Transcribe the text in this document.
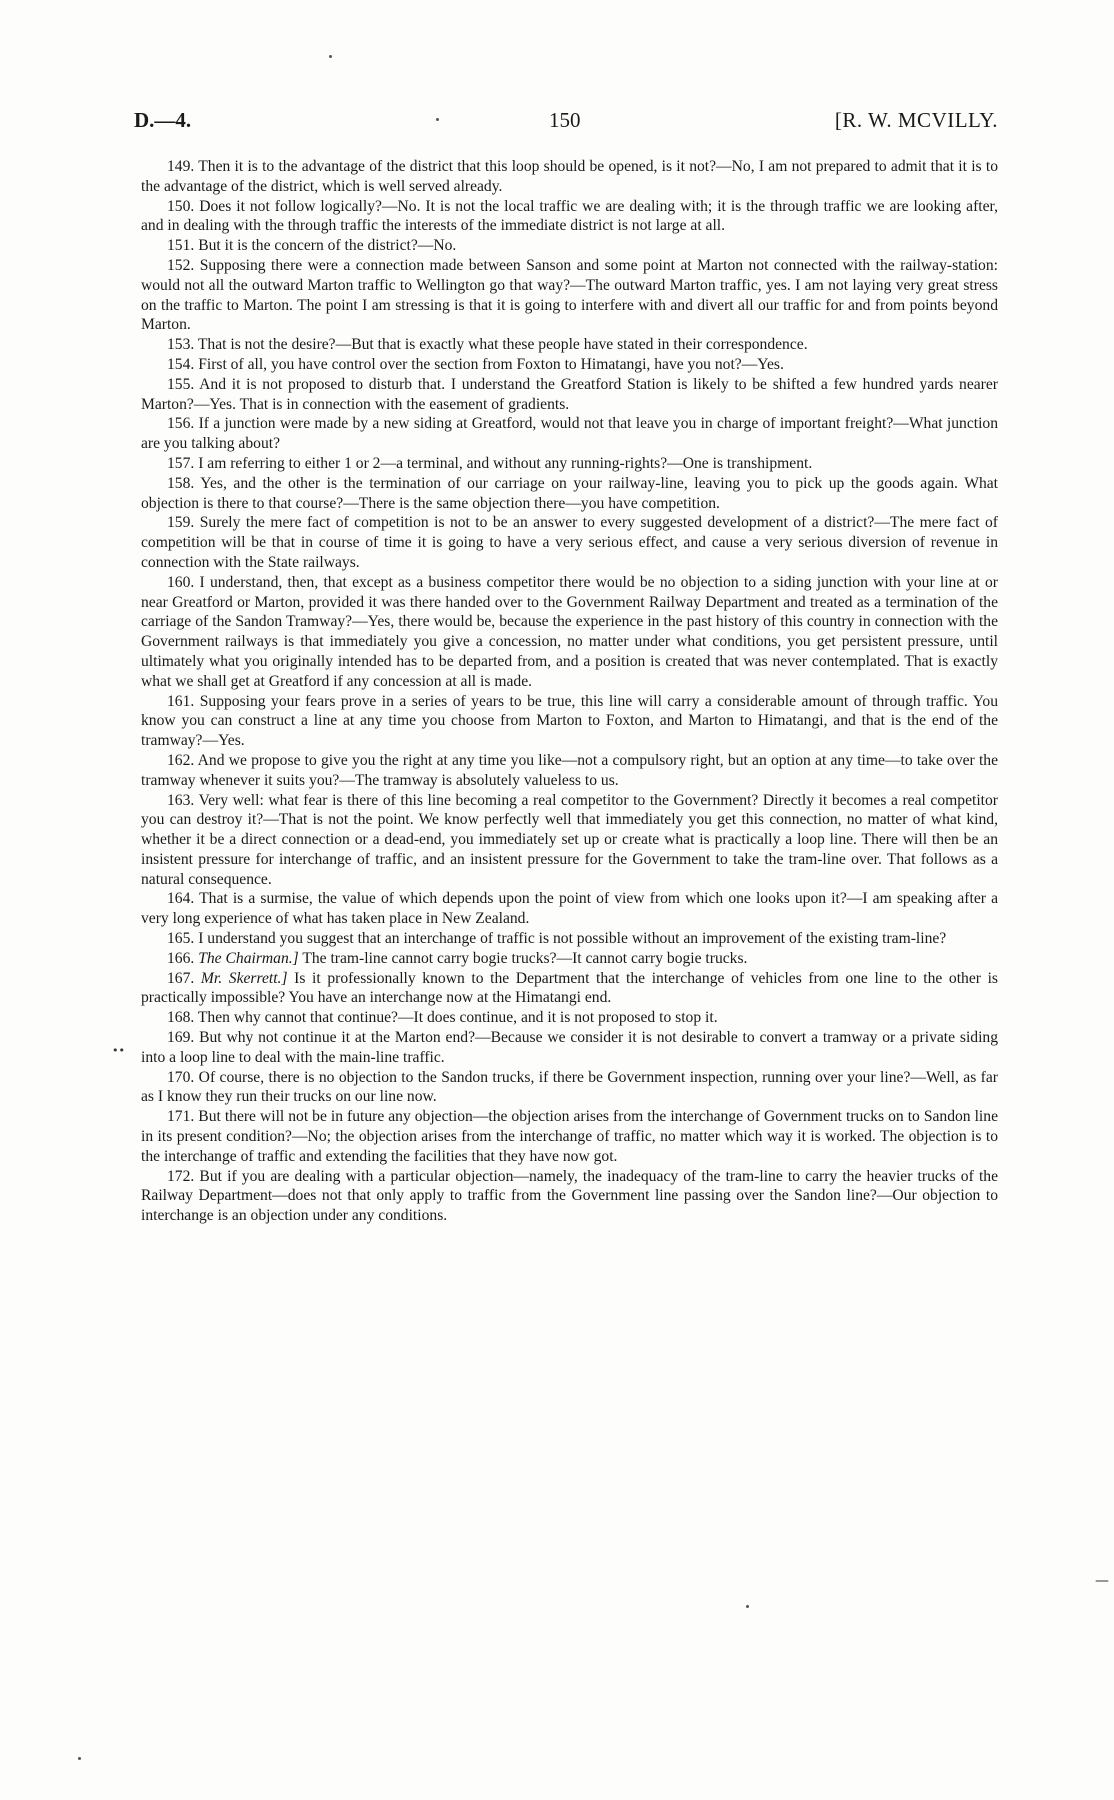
D.—4.	150	[R. W. MCVILLY.

149. Then it is to the advantage of the district that this loop should be opened, is it not?—No, I am not prepared to admit that it is to the advantage of the district, which is well served already.

150. Does it not follow logically?—No. It is not the local traffic we are dealing with; it is the through traffic we are looking after, and in dealing with the through traffic the interests of the immediate district is not large at all.

151. But it is the concern of the district?—No.

152. Supposing there were a connection made between Sanson and some point at Marton not connected with the railway-station: would not all the outward Marton traffic to Wellington go that way?—The outward Marton traffic, yes. I am not laying very great stress on the traffic to Marton. The point I am stressing is that it is going to interfere with and divert all our traffic for and from points beyond Marton.

153. That is not the desire?—But that is exactly what these people have stated in their correspondence.

154. First of all, you have control over the section from Foxton to Himatangi, have you not?—Yes.

155. And it is not proposed to disturb that. I understand the Greatford Station is likely to be shifted a few hundred yards nearer Marton?—Yes. That is in connection with the easement of gradients.

156. If a junction were made by a new siding at Greatford, would not that leave you in charge of important freight?—What junction are you talking about?

157. I am referring to either 1 or 2—a terminal, and without any running-rights?—One is transhipment.

158. Yes, and the other is the termination of our carriage on your railway-line, leaving you to pick up the goods again. What objection is there to that course?—There is the same objection there—you have competition.

159. Surely the mere fact of competition is not to be an answer to every suggested development of a district?—The mere fact of competition will be that in course of time it is going to have a very serious effect, and cause a very serious diversion of revenue in connection with the State railways.

160. I understand, then, that except as a business competitor there would be no objection to a siding junction with your line at or near Greatford or Marton, provided it was there handed over to the Government Railway Department and treated as a termination of the carriage of the Sandon Tramway?—Yes, there would be, because the experience in the past history of this country in connection with the Government railways is that immediately you give a concession, no matter under what conditions, you get persistent pressure, until ultimately what you originally intended has to be departed from, and a position is created that was never contemplated. That is exactly what we shall get at Greatford if any concession at all is made.

161. Supposing your fears prove in a series of years to be true, this line will carry a considerable amount of through traffic. You know you can construct a line at any time you choose from Marton to Foxton, and Marton to Himatangi, and that is the end of the tramway?—Yes.

162. And we propose to give you the right at any time you like—not a compulsory right, but an option at any time—to take over the tramway whenever it suits you?—The tramway is absolutely valueless to us.

163. Very well: what fear is there of this line becoming a real competitor to the Government? Directly it becomes a real competitor you can destroy it?—That is not the point. We know perfectly well that immediately you get this connection, no matter of what kind, whether it be a direct connection or a dead-end, you immediately set up or create what is practically a loop line. There will then be an insistent pressure for interchange of traffic, and an insistent pressure for the Government to take the tram-line over. That follows as a natural consequence.

164. That is a surmise, the value of which depends upon the point of view from which one looks upon it?—I am speaking after a very long experience of what has taken place in New Zealand.

165. I understand you suggest that an interchange of traffic is not possible without an improvement of the existing tram-line?

166. The Chairman.] The tram-line cannot carry bogie trucks?—It cannot carry bogie trucks.

167. Mr. Skerrett.] Is it professionally known to the Department that the interchange of vehicles from one line to the other is practically impossible? You have an interchange now at the Himatangi end.

168. Then why cannot that continue?—It does continue, and it is not proposed to stop it.

169. But why not continue it at the Marton end?—Because we consider it is not desirable to convert a tramway or a private siding into a loop line to deal with the main-line traffic.

170. Of course, there is no objection to the Sandon trucks, if there be Government inspection, running over your line?—Well, as far as I know they run their trucks on our line now.

171. But there will not be in future any objection—the objection arises from the interchange of Government trucks on to Sandon line in its present condition?—No; the objection arises from the interchange of traffic, no matter which way it is worked. The objection is to the interchange of traffic and extending the facilities that they have now got.

172. But if you are dealing with a particular objection—namely, the inadequacy of the tram-line to carry the heavier trucks of the Railway Department—does not that only apply to traffic from the Government line passing over the Sandon line?—Our objection to interchange is an objection under any conditions.

••
—
